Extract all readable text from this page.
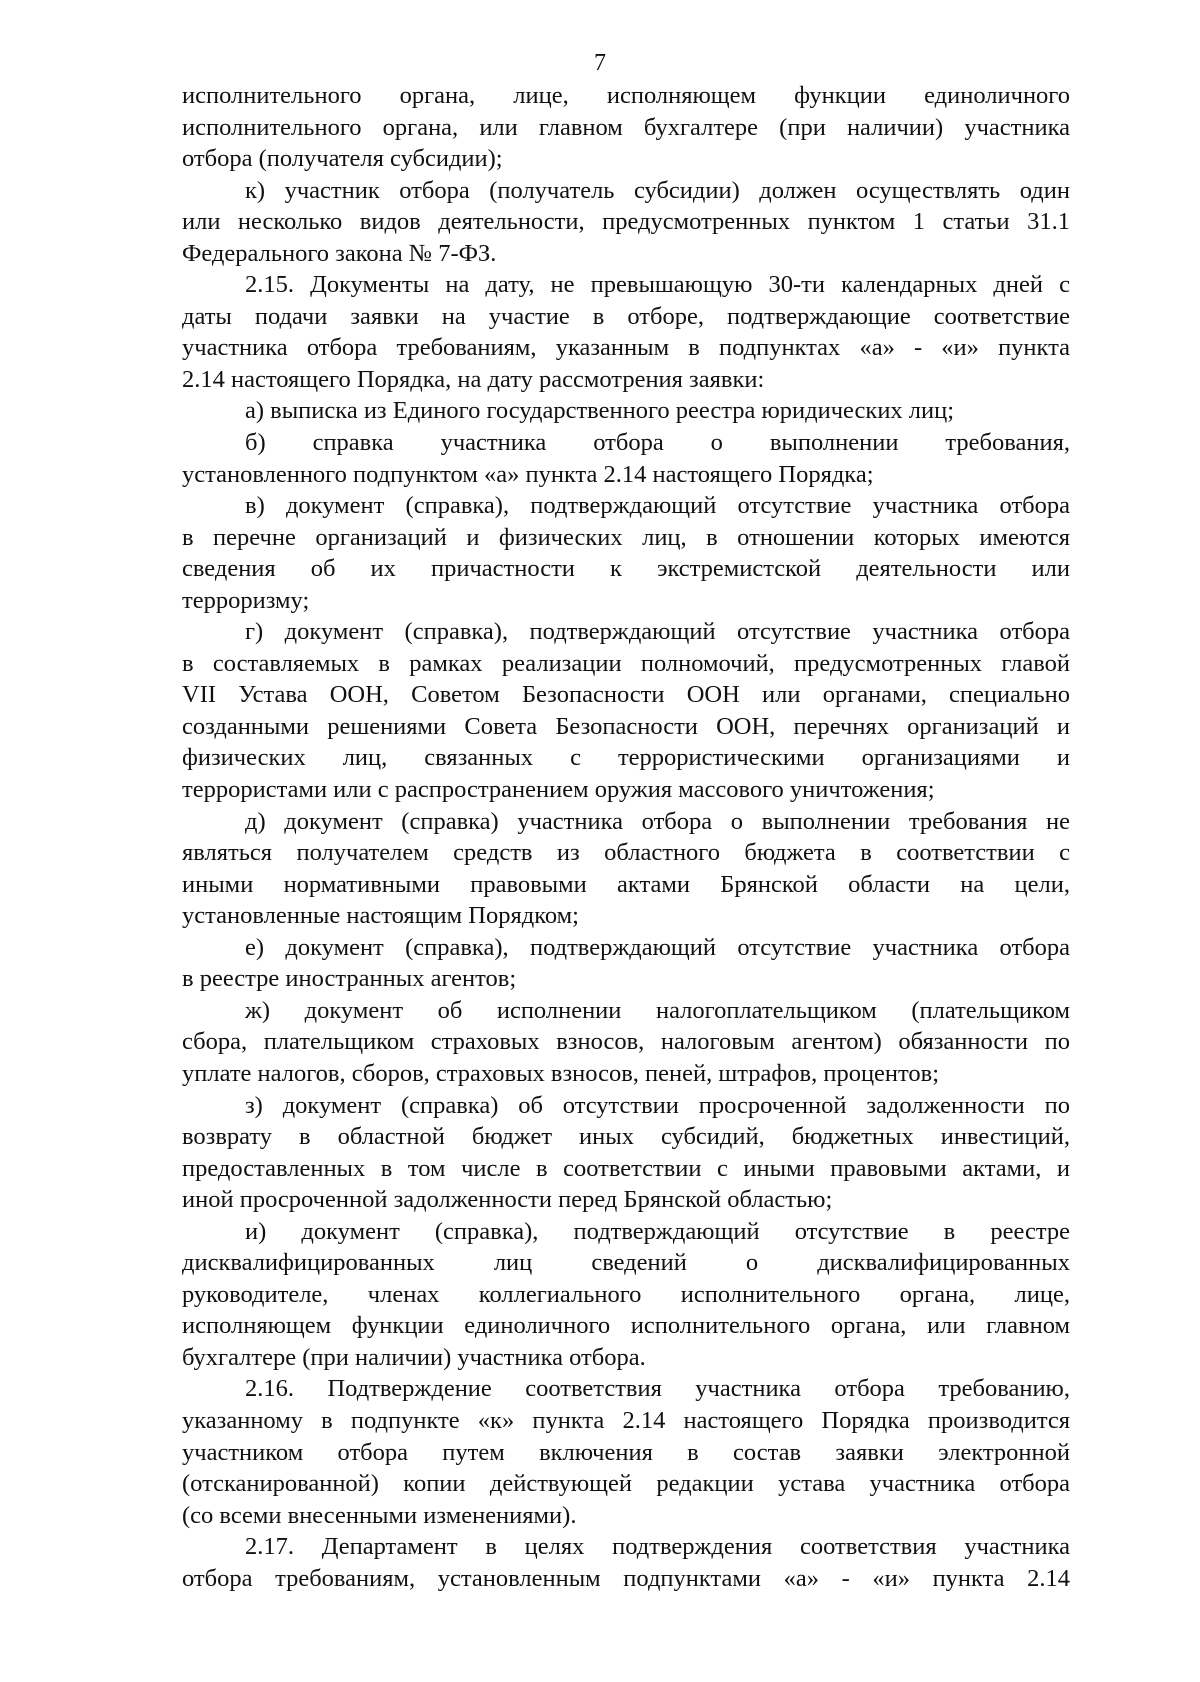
7
исполнительного органа, лице, исполняющем функции единоличного
исполнительного органа, или главном бухгалтере (при наличии) участника
отбора (получателя субсидии);
к) участник отбора (получатель субсидии) должен осуществлять один
или несколько видов деятельности, предусмотренных пунктом 1 статьи 31.1
Федерального закона № 7-ФЗ.
2.15. Документы на дату, не превышающую 30-ти календарных дней с
даты подачи заявки на участие в отборе, подтверждающие соответствие
участника отбора требованиям, указанным в подпунктах «а» - «и» пункта
2.14 настоящего Порядка, на дату рассмотрения заявки:
а) выписка из Единого государственного реестра юридических лиц;
б) справка участника отбора о выполнении требования,
установленного подпунктом «а» пункта 2.14 настоящего Порядка;
в) документ (справка), подтверждающий отсутствие участника отбора
в перечне организаций и физических лиц, в отношении которых имеются
сведения об их причастности к экстремистской деятельности или
терроризму;
г) документ (справка), подтверждающий отсутствие участника отбора
в составляемых в рамках реализации полномочий, предусмотренных главой
VII Устава ООН, Советом Безопасности ООН или органами, специально
созданными решениями Совета Безопасности ООН, перечнях организаций и
физических лиц, связанных с террористическими организациями и
террористами или с распространением оружия массового уничтожения;
д) документ (справка) участника отбора о выполнении требования не
являться получателем средств из областного бюджета в соответствии с
иными нормативными правовыми актами Брянской области на цели,
установленные настоящим Порядком;
е) документ (справка), подтверждающий отсутствие участника отбора
в реестре иностранных агентов;
ж) документ об исполнении налогоплательщиком (плательщиком
сбора, плательщиком страховых взносов, налоговым агентом) обязанности по
уплате налогов, сборов, страховых взносов, пеней, штрафов, процентов;
з) документ (справка) об отсутствии просроченной задолженности по
возврату в областной бюджет иных субсидий, бюджетных инвестиций,
предоставленных в том числе в соответствии с иными правовыми актами, и
иной просроченной задолженности перед Брянской областью;
и) документ (справка), подтверждающий отсутствие в реестре
дисквалифицированных лиц сведений о дисквалифицированных
руководителе, членах коллегиального исполнительного органа, лице,
исполняющем функции единоличного исполнительного органа, или главном
бухгалтере (при наличии) участника отбора.
2.16. Подтверждение соответствия участника отбора требованию,
указанному в подпункте «к» пункта 2.14 настоящего Порядка производится
участником отбора путем включения в состав заявки электронной
(отсканированной) копии действующей редакции устава участника отбора
(со всеми внесенными изменениями).
2.17. Департамент в целях подтверждения соответствия участника
отбора требованиям, установленным подпунктами «а» - «и» пункта 2.14
